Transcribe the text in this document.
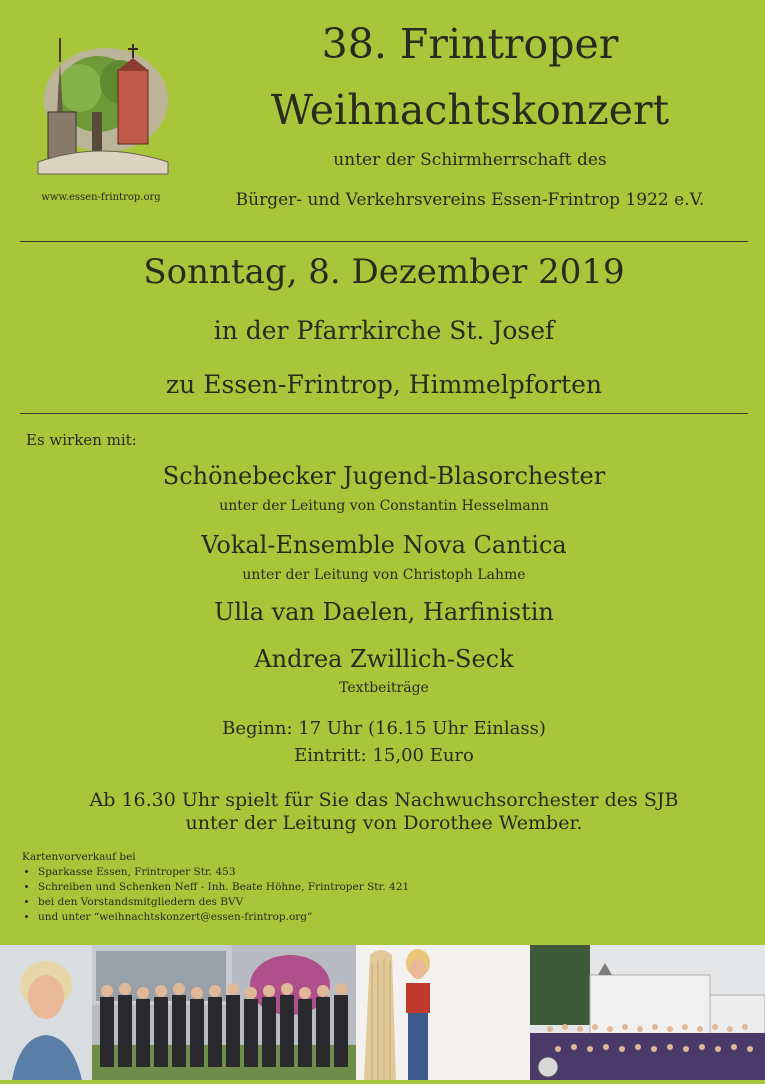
www.essen-frintrop.org
38. Frintroper
Weihnachtskonzert
unter der Schirmherrschaft des
Bürger- und Verkehrsvereins Essen-Frintrop 1922 e.V.
Sonntag, 8. Dezember 2019
in der Pfarrkirche St. Josef
zu Essen-Frintrop, Himmelpforten
Es wirken mit:
Schönebecker Jugend-Blasorchester
unter der Leitung von Constantin Hesselmann
Vokal-Ensemble Nova Cantica
unter der Leitung von Christoph Lahme
Ulla van Daelen, Harfinistin
Andrea Zwillich-Seck
Textbeiträge
Beginn: 17 Uhr (16.15 Uhr Einlass)
Eintritt: 15,00 Euro
Ab 16.30 Uhr spielt für Sie das Nachwuchsorchester des SJB
unter der Leitung von Dorothee Wember.
Kartenvorverkauf bei
• Sparkasse Essen, Frintroper Str. 453
• Schreiben und Schenken Neff - Inh. Beate Höhne, Frintroper Str. 421
• bei den Vorstandsmitgliedern des BVV
• und unter “weihnachtskonzert@essen-frintrop.org”
